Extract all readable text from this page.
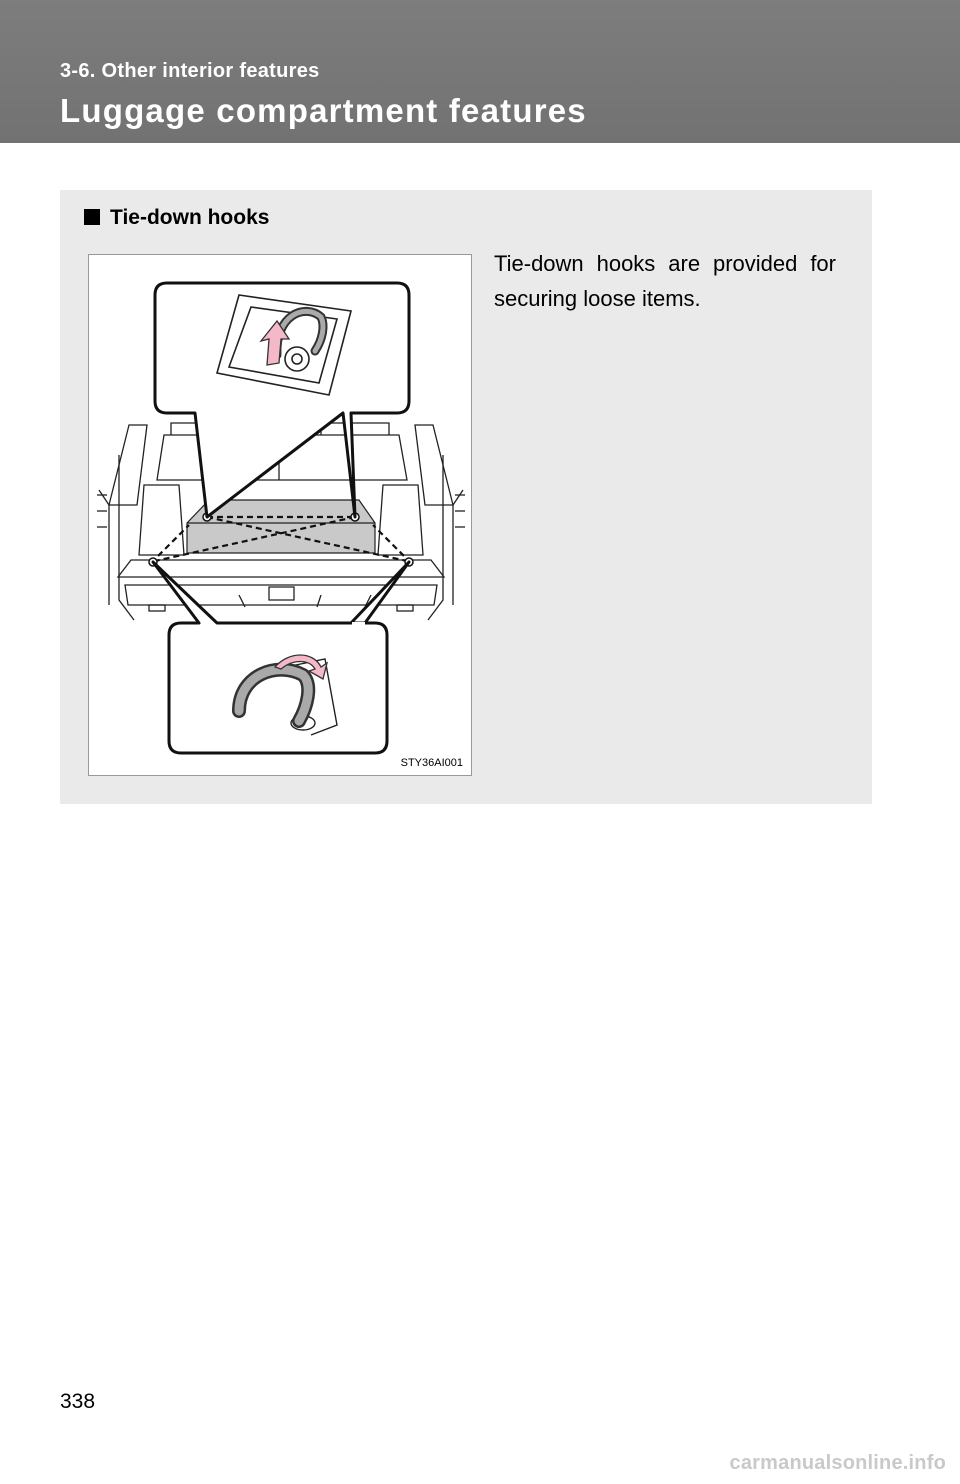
3-6. Other interior features
Luggage compartment features
Tie-down hooks
STY36AI001
Tie-down hooks are provided for securing loose items.
338
carmanualsonline.info
